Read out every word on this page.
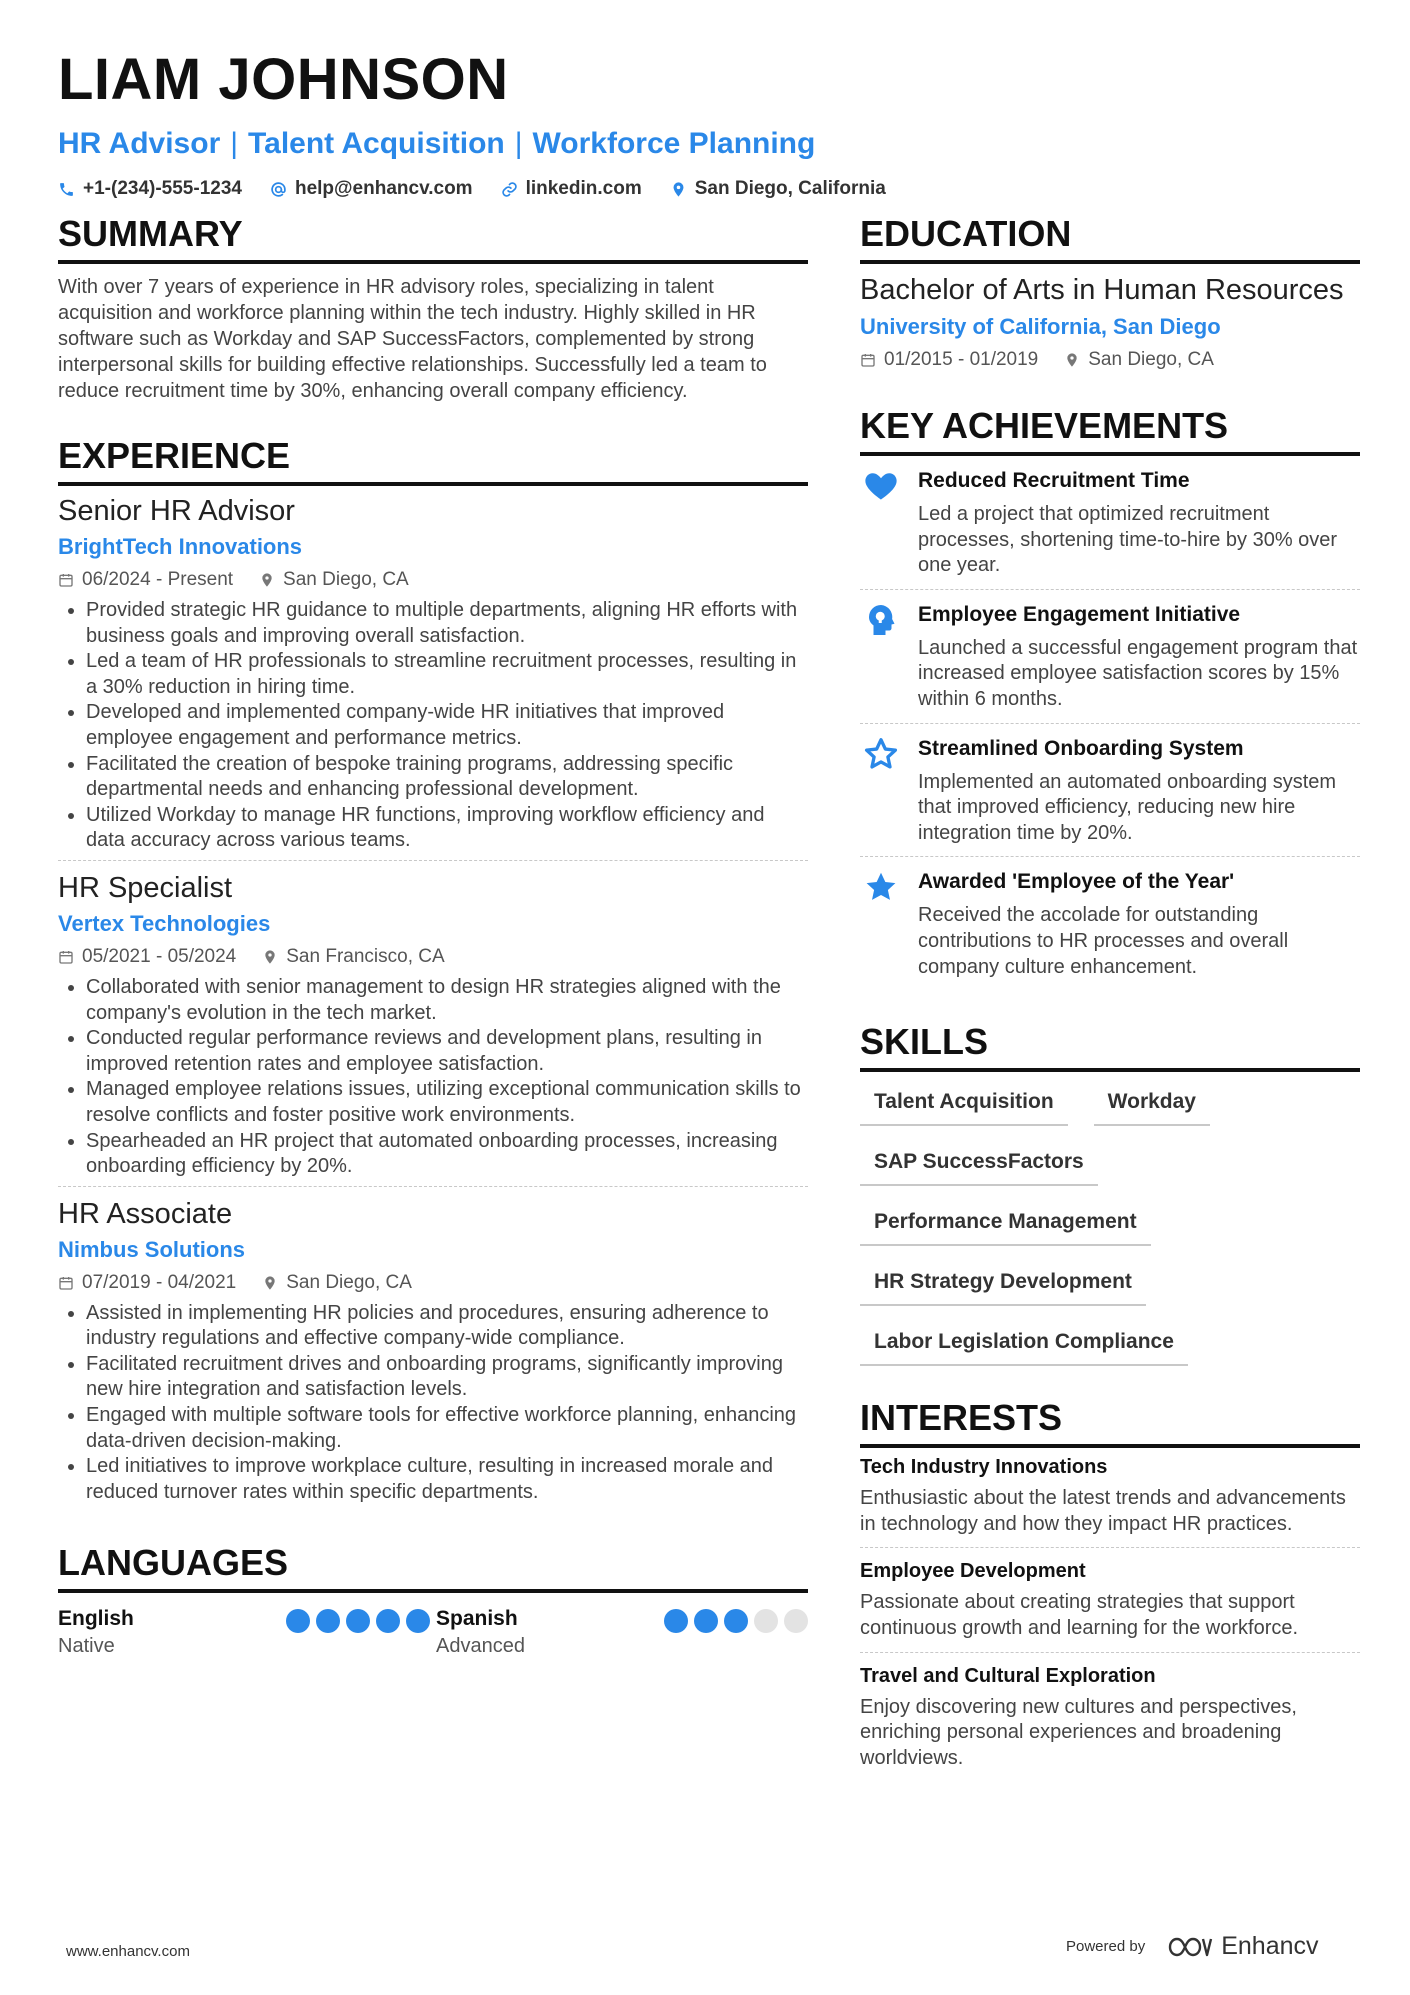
LIAM JOHNSON
HR Advisor | Talent Acquisition | Workforce Planning
+1-(234)-555-1234	help@enhancv.com	linkedin.com	San Diego, California
SUMMARY
With over 7 years of experience in HR advisory roles, specializing in talent acquisition and workforce planning within the tech industry. Highly skilled in HR software such as Workday and SAP SuccessFactors, complemented by strong interpersonal skills for building effective relationships. Successfully led a team to reduce recruitment time by 30%, enhancing overall company efficiency.
EXPERIENCE
Senior HR Advisor
BrightTech Innovations
06/2024 - Present	San Diego, CA
• Provided strategic HR guidance to multiple departments, aligning HR efforts with business goals and improving overall satisfaction.
• Led a team of HR professionals to streamline recruitment processes, resulting in a 30% reduction in hiring time.
• Developed and implemented company-wide HR initiatives that improved employee engagement and performance metrics.
• Facilitated the creation of bespoke training programs, addressing specific departmental needs and enhancing professional development.
• Utilized Workday to manage HR functions, improving workflow efficiency and data accuracy across various teams.
HR Specialist
Vertex Technologies
05/2021 - 05/2024	San Francisco, CA
• Collaborated with senior management to design HR strategies aligned with the company's evolution in the tech market.
• Conducted regular performance reviews and development plans, resulting in improved retention rates and employee satisfaction.
• Managed employee relations issues, utilizing exceptional communication skills to resolve conflicts and foster positive work environments.
• Spearheaded an HR project that automated onboarding processes, increasing onboarding efficiency by 20%.
HR Associate
Nimbus Solutions
07/2019 - 04/2021	San Diego, CA
• Assisted in implementing HR policies and procedures, ensuring adherence to industry regulations and effective company-wide compliance.
• Facilitated recruitment drives and onboarding programs, significantly improving new hire integration and satisfaction levels.
• Engaged with multiple software tools for effective workforce planning, enhancing data-driven decision-making.
• Led initiatives to improve workplace culture, resulting in increased morale and reduced turnover rates within specific departments.
LANGUAGES
English
Native
Spanish
Advanced
EDUCATION
Bachelor of Arts in Human Resources
University of California, San Diego
01/2015 - 01/2019	San Diego, CA
KEY ACHIEVEMENTS
Reduced Recruitment Time
Led a project that optimized recruitment processes, shortening time-to-hire by 30% over one year.
Employee Engagement Initiative
Launched a successful engagement program that increased employee satisfaction scores by 15% within 6 months.
Streamlined Onboarding System
Implemented an automated onboarding system that improved efficiency, reducing new hire integration time by 20%.
Awarded 'Employee of the Year'
Received the accolade for outstanding contributions to HR processes and overall company culture enhancement.
SKILLS
Talent Acquisition	Workday
SAP SuccessFactors
Performance Management
HR Strategy Development
Labor Legislation Compliance
INTERESTS
Tech Industry Innovations
Enthusiastic about the latest trends and advancements in technology and how they impact HR practices.
Employee Development
Passionate about creating strategies that support continuous growth and learning for the workforce.
Travel and Cultural Exploration
Enjoy discovering new cultures and perspectives, enriching personal experiences and broadening worldviews.
www.enhancv.com	Powered by	Enhancv
